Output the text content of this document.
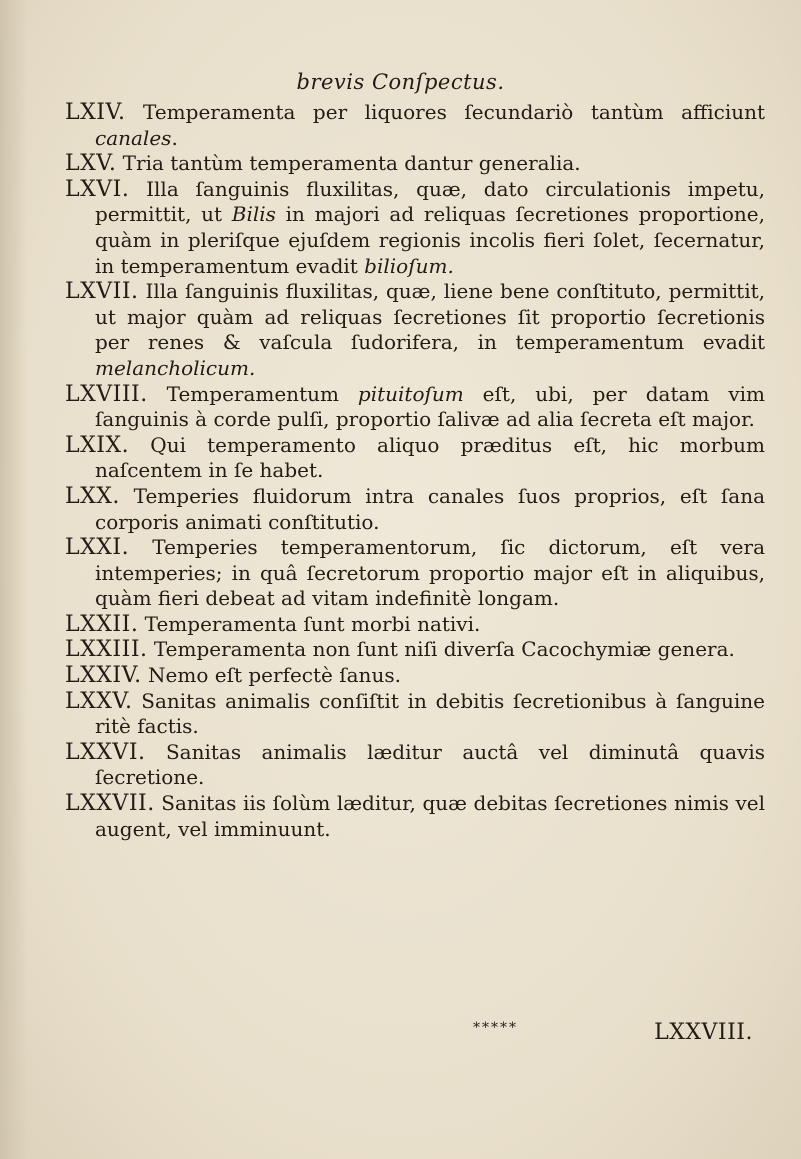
brevis Conſpectus.

LXIV. Temperamenta per liquores ſecundariò tantùm afficiunt canales.

LXV. Tria tantùm temperamenta dantur generalia.

LXVI. Illa ſanguinis fluxilitas, quæ, dato circulationis impetu, permittit, ut Bilis in majori ad reliquas ſecretiones proportione, quàm in pleriſque ejuſdem regionis incolis fieri ſolet, ſecernatur, in temperamentum evadit bilioſum.

LXVII. Illa ſanguinis fluxilitas, quæ, liene bene conſtituto, permittit, ut major quàm ad reliquas ſecretiones ſit proportio ſecretionis per renes & vaſcula ſudorifera, in temperamentum evadit melancholicum.

LXVIII. Temperamentum pituitoſum eſt, ubi, per datam vim ſanguinis à corde pulſi, proportio ſalivæ ad alia ſecreta eſt major.

LXIX. Qui temperamento aliquo præditus eſt, hic morbum naſcentem in ſe habet.

LXX. Temperies fluidorum intra canales ſuos proprios, eſt ſana corporis animati conſtitutio.

LXXI. Temperies temperamentorum, ſic dictorum, eſt vera intemperies; in quâ ſecretorum proportio major eſt in aliquibus, quàm fieri debeat ad vitam indefinitè longam.

LXXII. Temperamenta ſunt morbi nativi.

LXXIII. Temperamenta non ſunt niſi diverſa Cacochymiæ genera.

LXXIV. Nemo eſt perfectè ſanus.

LXXV. Sanitas animalis conſiſtit in debitis ſecretionibus à ſanguine ritè factis.

LXXVI. Sanitas animalis læditur auctâ vel diminutâ quavis ſecretione.

LXXVII. Sanitas iis ſolùm læditur, quæ debitas ſecretiones nimis vel augent, vel imminuunt.

*****	LXXVIII.
